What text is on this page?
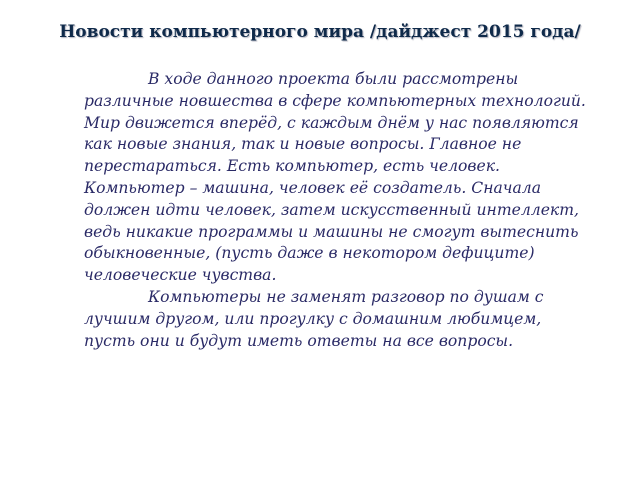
Новости компьютерного мира /дайджест 2015 года/

В ходе данного проекта были рассмотрены различные новшества в сфере компьютерных технологий. Мир движется вперёд, с каждым днём у нас появляются как новые знания, так и новые вопросы. Главное не перестараться. Есть компьютер, есть человек. Компьютер – машина, человек её создатель. Сначала должен идти человек, затем искусственный интеллект, ведь никакие программы и машины не смогут вытеснить обыкновенные, (пусть даже в некотором дефиците) человеческие чувства.

Компьютеры не заменят разговор по душам с лучшим другом, или прогулку с домашним любимцем, пусть они и будут иметь ответы на все вопросы.
